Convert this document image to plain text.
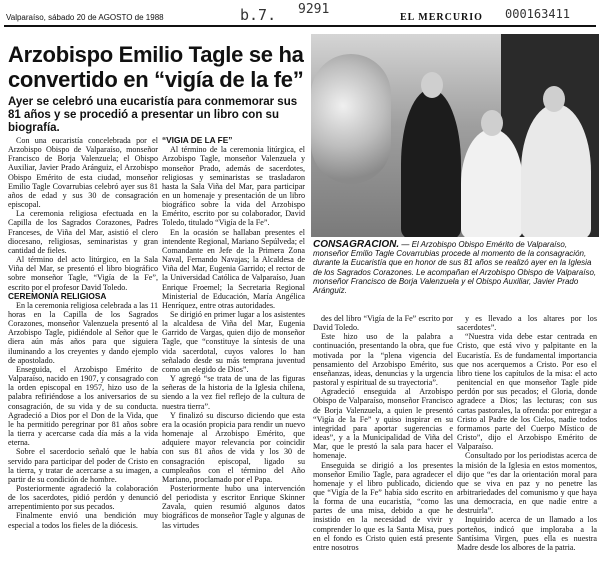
Valparaíso, sábado 20 de AGOSTO de 1988	b.7. 9291
EL MERCURIO 000163411
Arzobispo Emilio Tagle se ha convertido en “vigía de la fe”

Ayer se celebró una eucaristía para conmemorar sus 81 años y se procedió a presentar un libro con su biografía.

CONSAGRACION. — El Arzobispo Obispo Emérito de Valparaíso, monseñor Emilio Tagle Covarrubias procede al momento de la consagración, durante la Eucaristía que en honor de sus 81 años se realizó ayer en la Iglesia de los Sagrados Corazones. Le acompañan el Arzobispo Obispo de Valparaíso, monseñor Francisco de Borja Valenzuela y el Obispo Auxiliar, Javier Prado Aránguiz.

Con una eucaristía concelebrada por el Arzobispo Obispo de Valparaíso, monseñor Francisco de Borja Valenzuela; el Obispo Auxiliar, Javier Prado Aránguiz, el Arzobispo Obispo Emérito de esta ciudad, monseñor Emilio Tagle Covarrubias celebró ayer sus 81 años de edad y sus 30 de consagración episcopal.

La ceremonia religiosa efectuada en la Capilla de los Sagrados Corazones, Padres Franceses, de Viña del Mar, asistió el clero diocesano, religiosas, seminaristas y gran cantidad de fieles.

Al término del acto litúrgico, en la Sala Viña del Mar, se presentó el libro biográfico sobre monseñor Tagle, “Vigía de la Fe”, escrito por el profesor David Toledo.

CEREMONIA RELIGIOSA

En la ceremonia religiosa celebrada a las 11 horas en la Capilla de los Sagrados Corazones, monseñor Valenzuela presentó al Arzobispo Tagle, pidiéndole al Señor que le diera aún más años para que siguiera iluminando a los creyentes y dando ejemplo de apostolado.

Enseguida, el Arzobispo Emérito de Valparaíso, nacido en 1907, y consagrado con la orden episcopal en 1957, hizo uso de la palabra refiriéndose a los aniversarios de su consagración, de su vida y de su conducta. Agradeció a Dios por el Don de la Vida, que le ha permitido peregrinar por 81 años sobre la tierra y acercarse cada día más a la vida eterna.

Sobre el sacerdocio señaló que le había servido para participar del poder de Cristo en la tierra, y tratar de acercarse a su imagen, a partir de su condición de hombre.

Posteriormente agradeció la colaboración de los sacerdotes, pidió perdón y denunció arrepentimiento por sus pecados.

Finalmente envió una bendición muy especial a todos los fieles de la diócesis.

“VIGIA DE LA FE”

Al término de la ceremonia litúrgica, el Arzobispo Tagle, monseñor Valenzuela y monseñor Prado, además de sacerdotes, religiosas y seminaristas se trasladaron hasta la Sala Viña del Mar, para participar en un homenaje y presentación de un libro biográfico sobre la vida del Arzobispo Emérito, escrito por su colaborador, David Toledo, titulado “Vigía de la Fe”.

En la ocasión se hallaban presentes el intendente Regional, Mariano Sepúlveda; el Comandante en Jefe de la Primera Zona Naval, Fernando Navajas; la Alcaldesa de Viña del Mar, Eugenia Garrido; el rector de la Universidad Católica de Valparaíso, Juan Enrique Froemel; la Secretaria Regional Ministerial de Educación, María Angélica Henríquez, entre otras autoridades.

Se dirigió en primer lugar a los asistentes la alcaldesa de Viña del Mar, Eugenia Garrido de Vargas, quien dijo de monseñor Tagle, que “constituye la síntesis de una vida sacerdotal, cuyos valores lo han señalado desde su más temprana juventud como un elegido de Dios”.

Y agregó “se trata de una de las figuras señeras de la historia de la Iglesia chilena, siendo a la vez fiel reflejo de la cultura de nuestra tierra”.

Y finalizó su discurso diciendo que esta era la ocasión propicia para rendir un nuevo homenaje al Arzobispo Emérito, que adquiere mayor relevancia por coincidir con sus 81 años de vida y los 30 de consagración episcopal, ligado su cumpleaños con el término del Año Mariano, proclamado por el Papa.

Posteriormente hubo una intervención del periodista y escritor Enrique Skinner Zavala, quien resumió algunos datos biográficos de monseñor Tagle y algunas de las virtudes

des del libro “Vigía de la Fe” escrito por David Toledo.

Este hizo uso de la palabra a continuación, presentando la obra, que fue motivada por la “plena vigencia del pensamiento del Arzobispo Emérito, sus enseñanzas, ideas, denuncias y la urgencia pastoral y espiritual de su trayectoria”.

Agradeció enseguida al Arzobispo Obispo de Valparaíso, monseñor Francisco de Borja Valenzuela, a quien le presentó “Vigía de la Fe” y quiso inspirar en su integridad para aportar sugerencias e ideas”, y a la Municipalidad de Viña del Mar, que le prestó la sala para hacer el homenaje.

Enseguida se dirigió a los presentes monseñor Emilio Tagle, para agradecer el homenaje y el libro publicado, diciendo que “Vigía de la Fe” había sido escrito en la forma de una eucaristía, “como las partes de una misa, debido a que he insistido en la necesidad de vivir y comprender lo que es la Santa Misa, pues en el fondo es Cristo quien está presente entre nosotros

y es llevado a los altares por los sacerdotes”.

“Nuestra vida debe estar centrada en Cristo, que está vivo y palpitante en la Eucaristía. Es de fundamental importancia que nos acerquemos a Cristo. Por eso el libro tiene los capítulos de la misa: el acto penitencial en que monseñor Tagle pide perdón por sus pecados; el Gloria, donde agradece a Dios; las lecturas; con sus cartas pastorales, la ofrenda: por entregar a Cristo al Padre de los Cielos, nadie todos formamos parte del Cuerpo Místico de Cristo”, dijo el Arzobispo Emérito de Valparaíso.

Consultado por los periodistas acerca de la misión de la Iglesia en estos momentos, dijo que “es dar la orientación moral para que se viva en paz y no penetre las arbitrariedades del comunismo y que haya una democracia, en que nadie entre a destruirla”.

Inquirido acerca de un llamado a los porteños, indicó que imploraba a la Santísima Virgen, pues ella es nuestra Madre desde los albores de la patria.
